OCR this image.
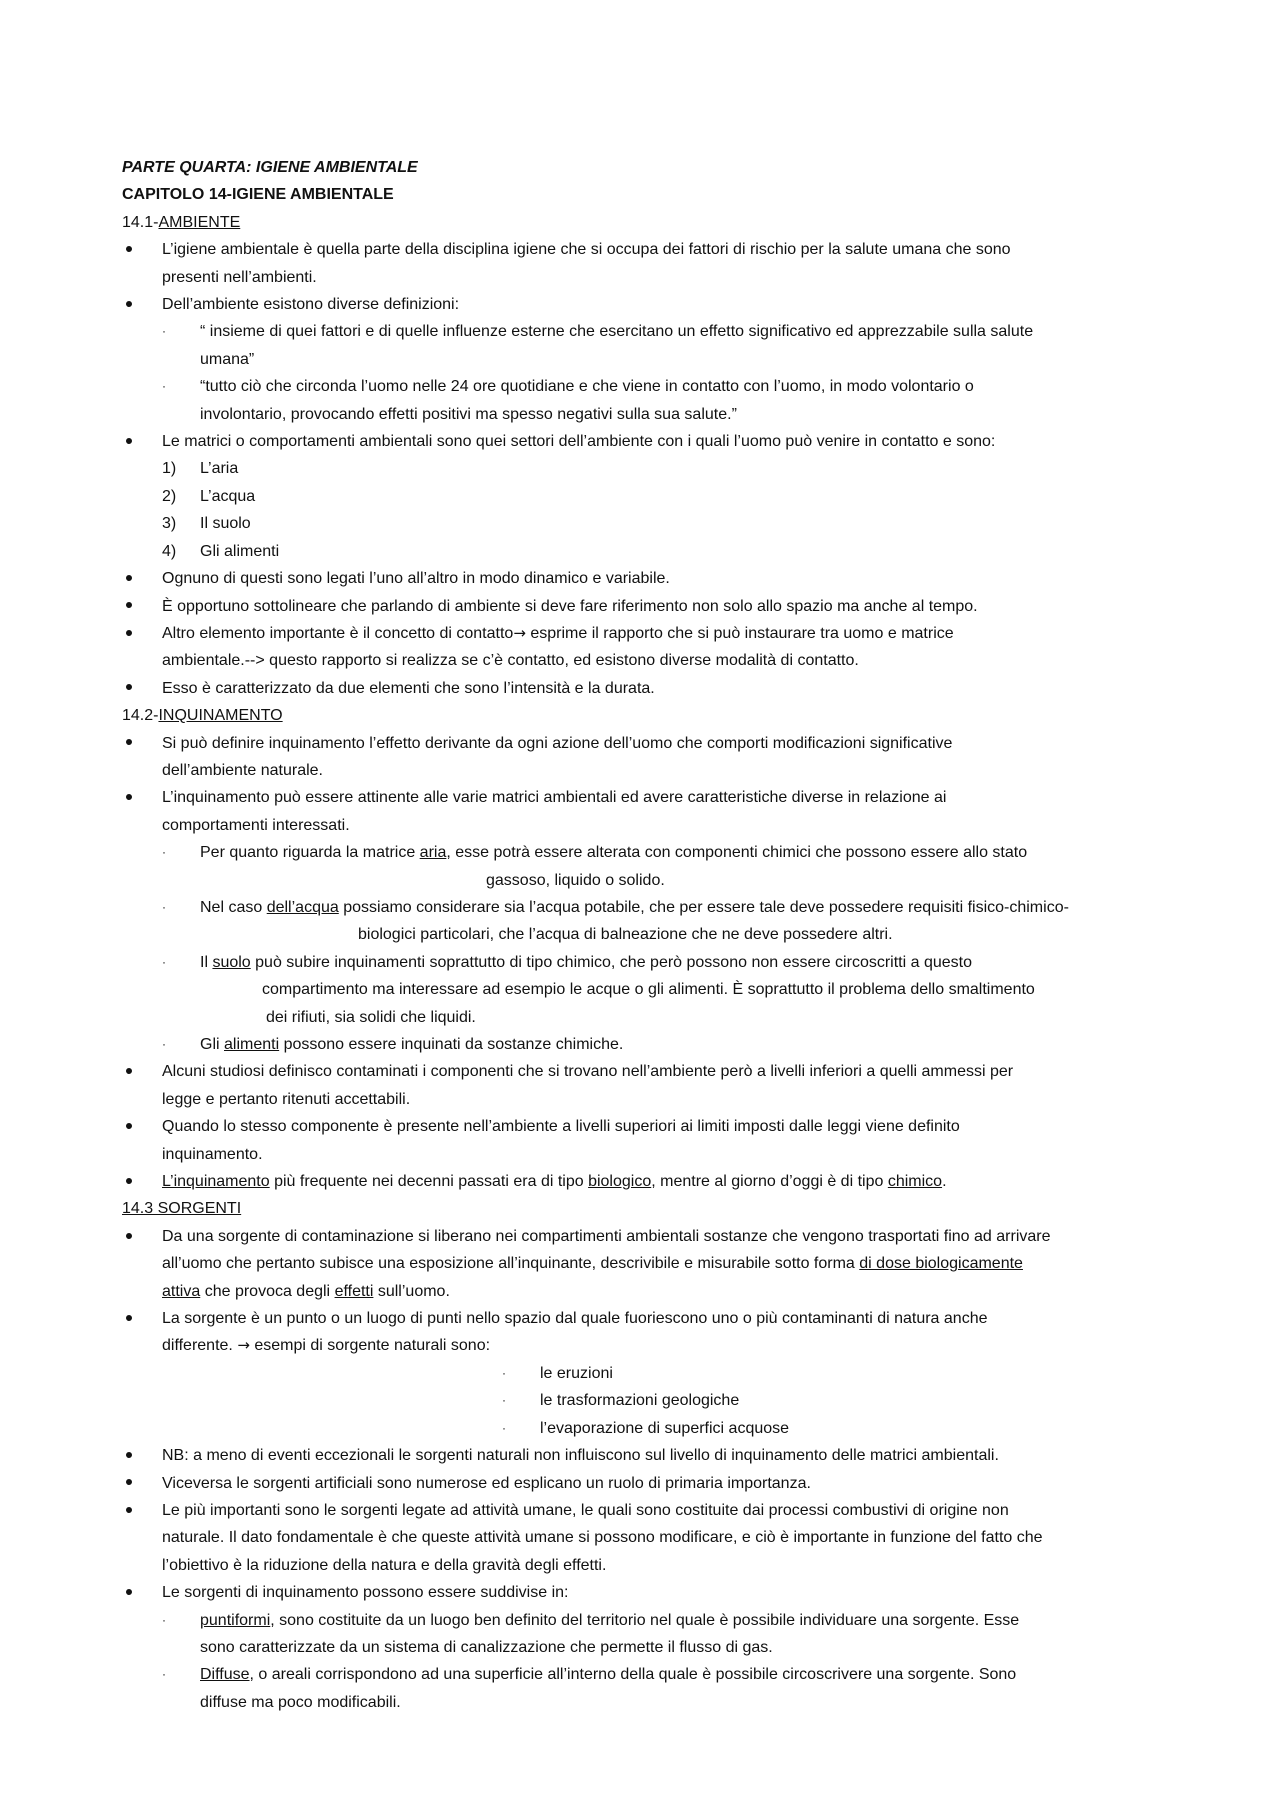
PARTE QUARTA: IGIENE AMBIENTALE
CAPITOLO 14-IGIENE AMBIENTALE
14.1-AMBIENTE
L’igiene ambientale è quella parte della disciplina igiene che si occupa dei fattori di rischio per la salute umana che sono
presenti nell’ambienti.
Dell’ambiente esistono diverse definizioni:
·	“ insieme di quei fattori e di quelle influenze esterne che esercitano un effetto significativo ed apprezzabile sulla salute
umana”
·	“tutto ciò che circonda l’uomo nelle 24 ore quotidiane e che viene in contatto con l’uomo, in modo volontario o
involontario, provocando effetti positivi ma spesso negativi sulla sua salute.”
Le matrici o comportamenti ambientali sono quei settori dell’ambiente con i quali l’uomo può venire in contatto e sono:
1) L’aria
2) L’acqua
3) Il suolo
4) Gli alimenti
Ognuno di questi sono legati l’uno all’altro in modo dinamico e variabile.
È opportuno sottolineare che parlando di ambiente si deve fare riferimento non solo allo spazio ma anche al tempo.
Altro elemento importante è il concetto di contatto→ esprime il rapporto che si può instaurare tra uomo e matrice
ambientale.--> questo rapporto si realizza se c’è contatto, ed esistono diverse modalità di contatto.
Esso è caratterizzato da due elementi che sono l’intensità e la durata.
14.2-INQUINAMENTO
Si può definire inquinamento l’effetto derivante da ogni azione dell’uomo che comporti modificazioni significative
dell’ambiente naturale.
L’inquinamento può essere attinente alle varie matrici ambientali ed avere caratteristiche diverse in relazione ai
comportamenti interessati.
·	Per quanto riguarda la matrice aria, esse potrà essere alterata con componenti chimici che possono essere allo stato
gassoso, liquido o solido.
·	Nel caso dell’acqua possiamo considerare sia l’acqua potabile, che per essere tale deve possedere requisiti fisico-chimico-
biologici particolari, che l’acqua di balneazione che ne deve possedere altri.
·	Il suolo può subire inquinamenti soprattutto di tipo chimico, che però possono non essere circoscritti a questo
compartimento ma interessare ad esempio le acque o gli alimenti. È soprattutto il problema dello smaltimento
dei rifiuti, sia solidi che liquidi.
·	Gli alimenti possono essere inquinati da sostanze chimiche.
Alcuni studiosi definisco contaminati i componenti che si trovano nell’ambiente però a livelli inferiori a quelli ammessi per
legge e pertanto ritenuti accettabili.
Quando lo stesso componente è presente nell’ambiente a livelli superiori ai limiti imposti dalle leggi viene definito
inquinamento.
L’inquinamento più frequente nei decenni passati era di tipo biologico, mentre al giorno d’oggi è di tipo chimico.
14.3 SORGENTI
Da una sorgente di contaminazione si liberano nei compartimenti ambientali sostanze che vengono trasportati fino ad arrivare
all’uomo che pertanto subisce una esposizione all’inquinante, descrivibile e misurabile sotto forma di dose biologicamente
attiva che provoca degli effetti sull’uomo.
La sorgente è un punto o un luogo di punti nello spazio dal quale fuoriescono uno o più contaminanti di natura anche
differente. → esempi di sorgente naturali sono:
·	le eruzioni
·	le trasformazioni geologiche
·	l’evaporazione di superfici acquose
NB: a meno di eventi eccezionali le sorgenti naturali non influiscono sul livello di inquinamento delle matrici ambientali.
Viceversa le sorgenti artificiali sono numerose ed esplicano un ruolo di primaria importanza.
Le più importanti sono le sorgenti legate ad attività umane, le quali sono costituite dai processi combustivi di origine non
naturale. Il dato fondamentale è che queste attività umane si possono modificare, e ciò è importante in funzione del fatto che
l’obiettivo è la riduzione della natura e della gravità degli effetti.
Le sorgenti di inquinamento possono essere suddivise in:
·	puntiformi, sono costituite da un luogo ben definito del territorio nel quale è possibile individuare una sorgente. Esse
sono caratterizzate da un sistema di canalizzazione che permette il flusso di gas.
·	Diffuse, o areali corrispondono ad una superficie all’interno della quale è possibile circoscrivere una sorgente. Sono
diffuse ma poco modificabili.
